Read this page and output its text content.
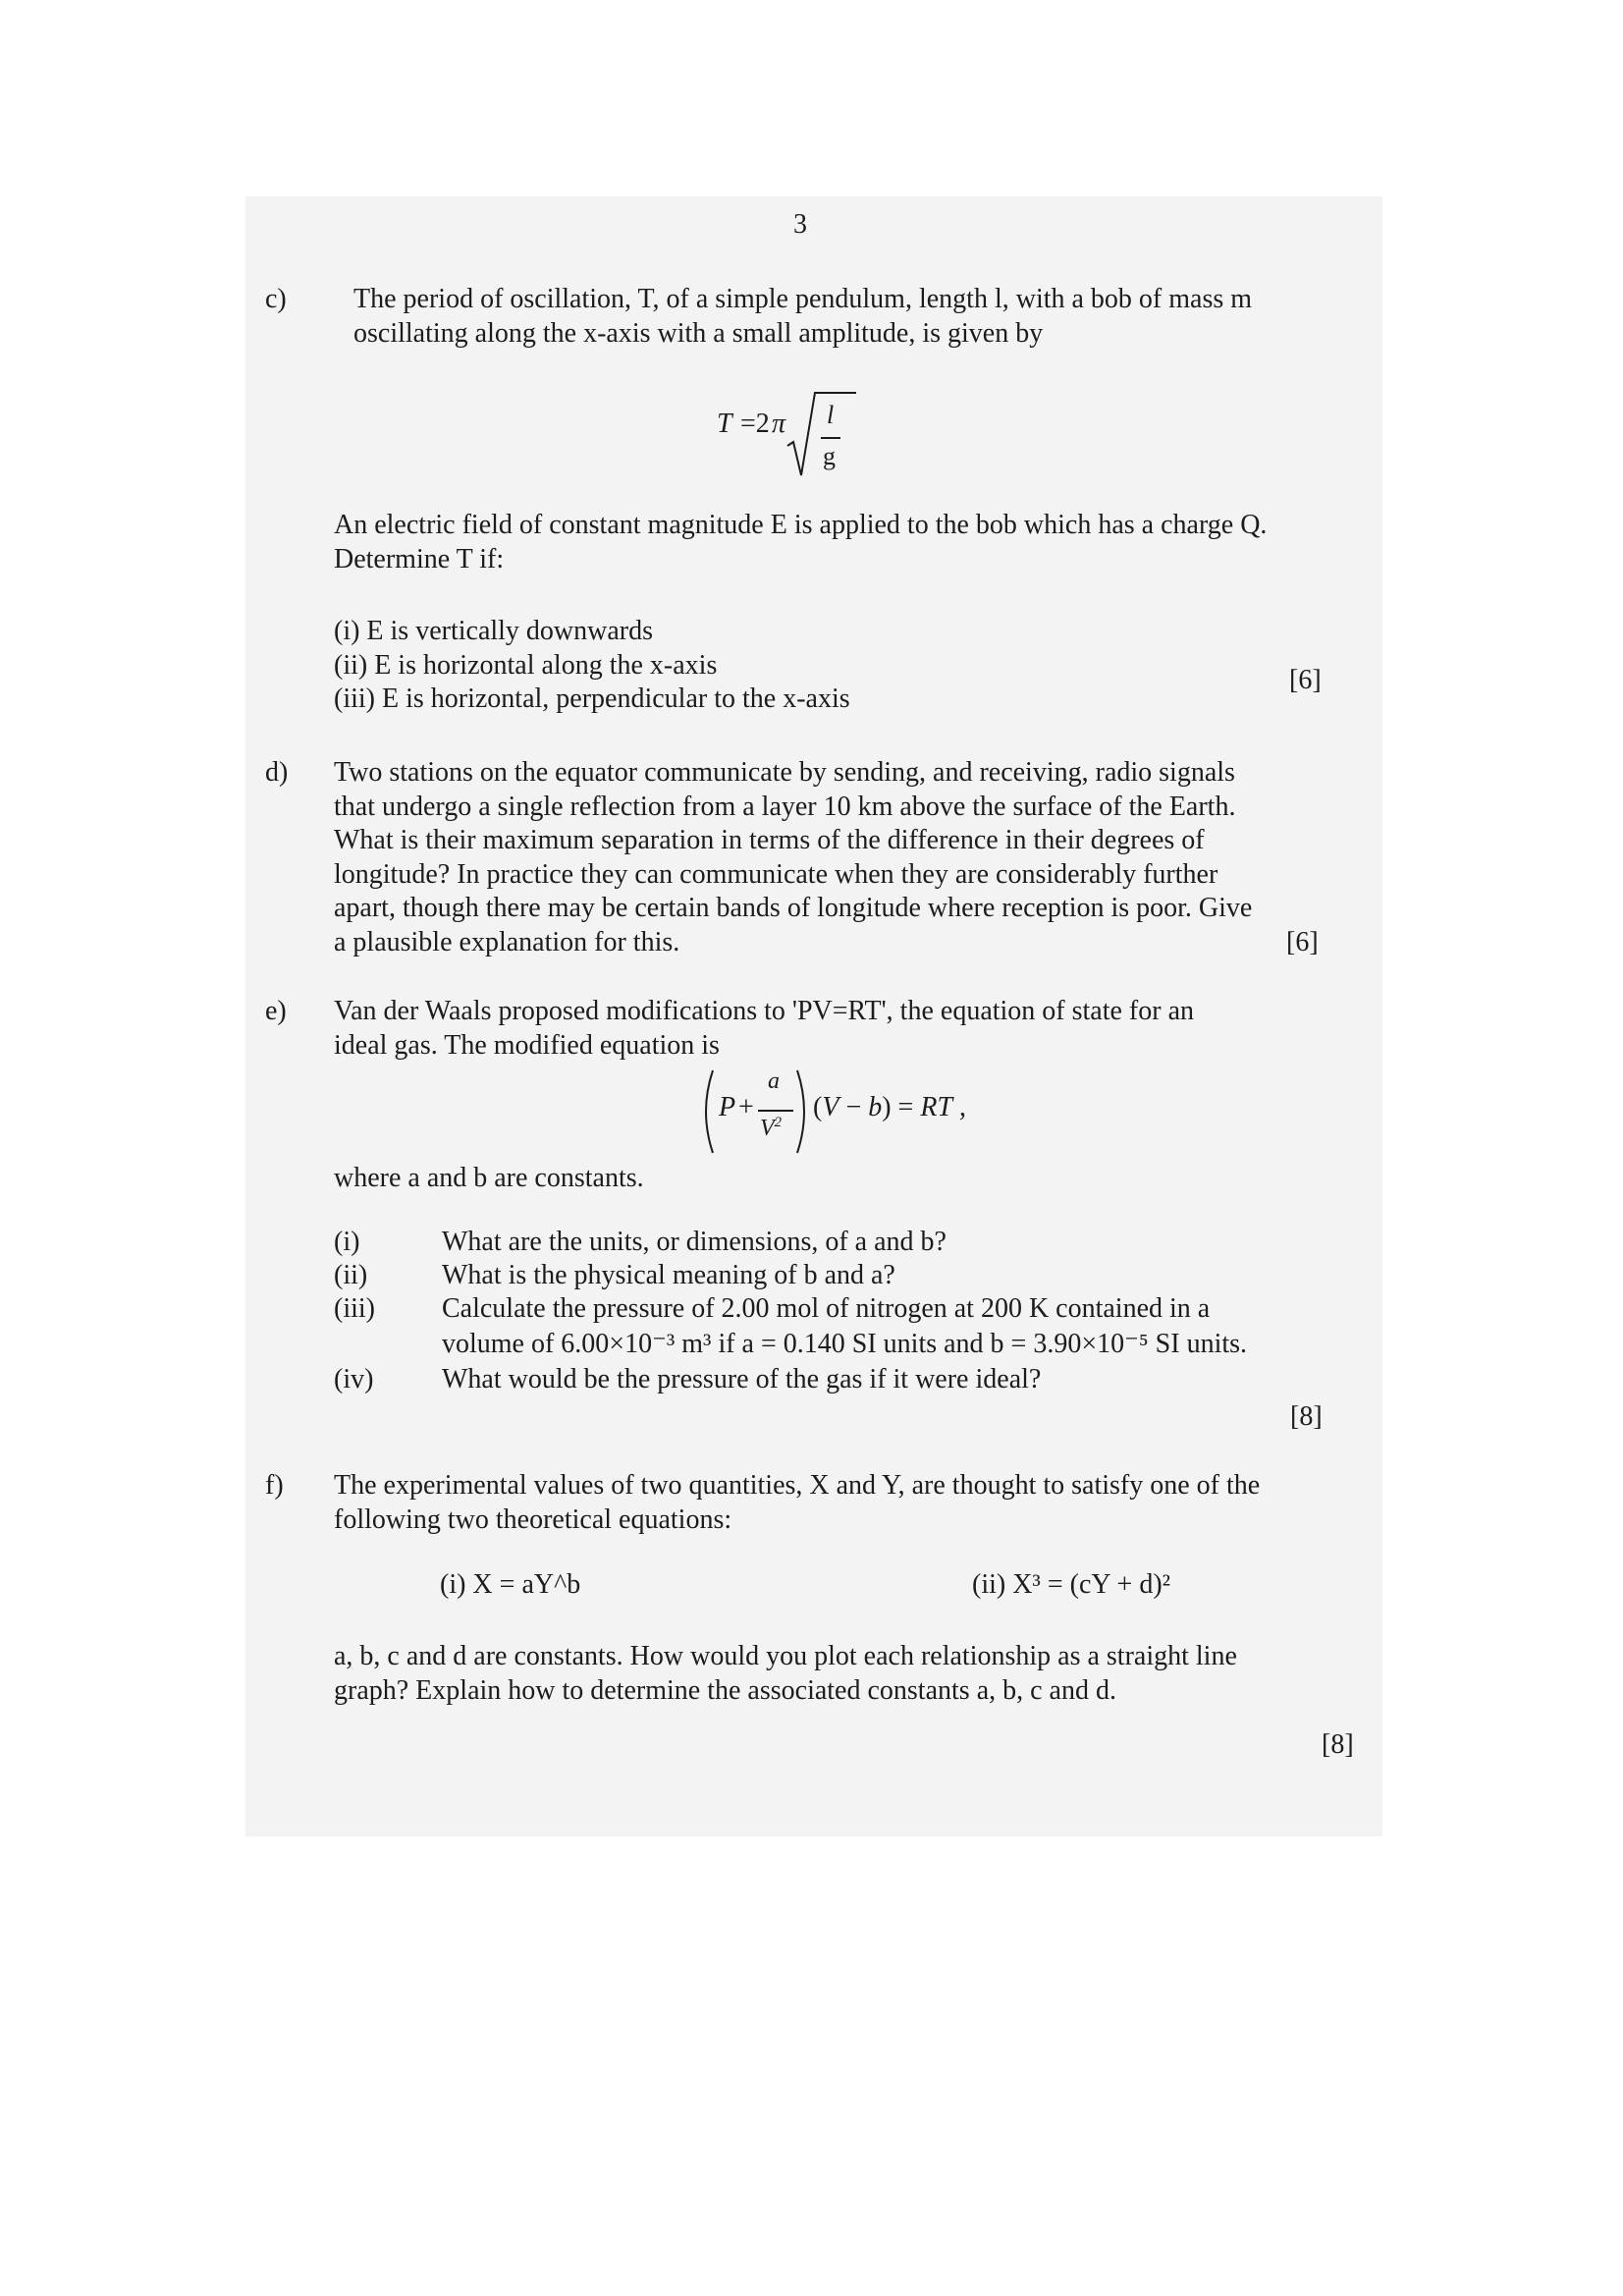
3
c) The period of oscillation, T, of a simple pendulum, length l, with a bob of mass m
oscillating along the x-axis with a small amplitude, is given by
T =2 π l
g
An electric field of constant magnitude E is applied to the bob which has a charge Q.
Determine T if:
(i) E is vertically downwards
(ii) E is horizontal along the x-axis
(iii) E is horizontal, perpendicular to the x-axis
[6]
d) Two stations on the equator communicate by sending, and receiving, radio signals
that undergo a single reflection from a layer 10 km above the surface of the Earth.
What is their maximum separation in terms of the difference in their degrees of
longitude? In practice they can communicate when they are considerably further
apart, though there may be certain bands of longitude where reception is poor. Give
a plausible explanation for this.	[6]
e) Van der Waals proposed modifications to 'PV=RT', the equation of state for an
ideal gas. The modified equation is
P +
a
$V^2$ (V − b) = RT ,
where a and b are constants.
(i)	What are the units, or dimensions, of a and b?
(ii)	What is the physical meaning of b and a?
(iii) Calculate the pressure of 2.00 mol of nitrogen at 200 K contained in a
volume of 6.00×10⁻³ m³ if a = 0.140 SI units and b = 3.90×10⁻⁵ SI units.
(iv) What would be the pressure of the gas if it were ideal?
[8]
f) The experimental values of two quantities, X and Y, are thought to satisfy one of the
following two theoretical equations:
(i) X = aY^b	(ii) X³ = (cY + d)²
a, b, c and d are constants. How would you plot each relationship as a straight line
graph? Explain how to determine the associated constants a, b, c and d.
[8]
